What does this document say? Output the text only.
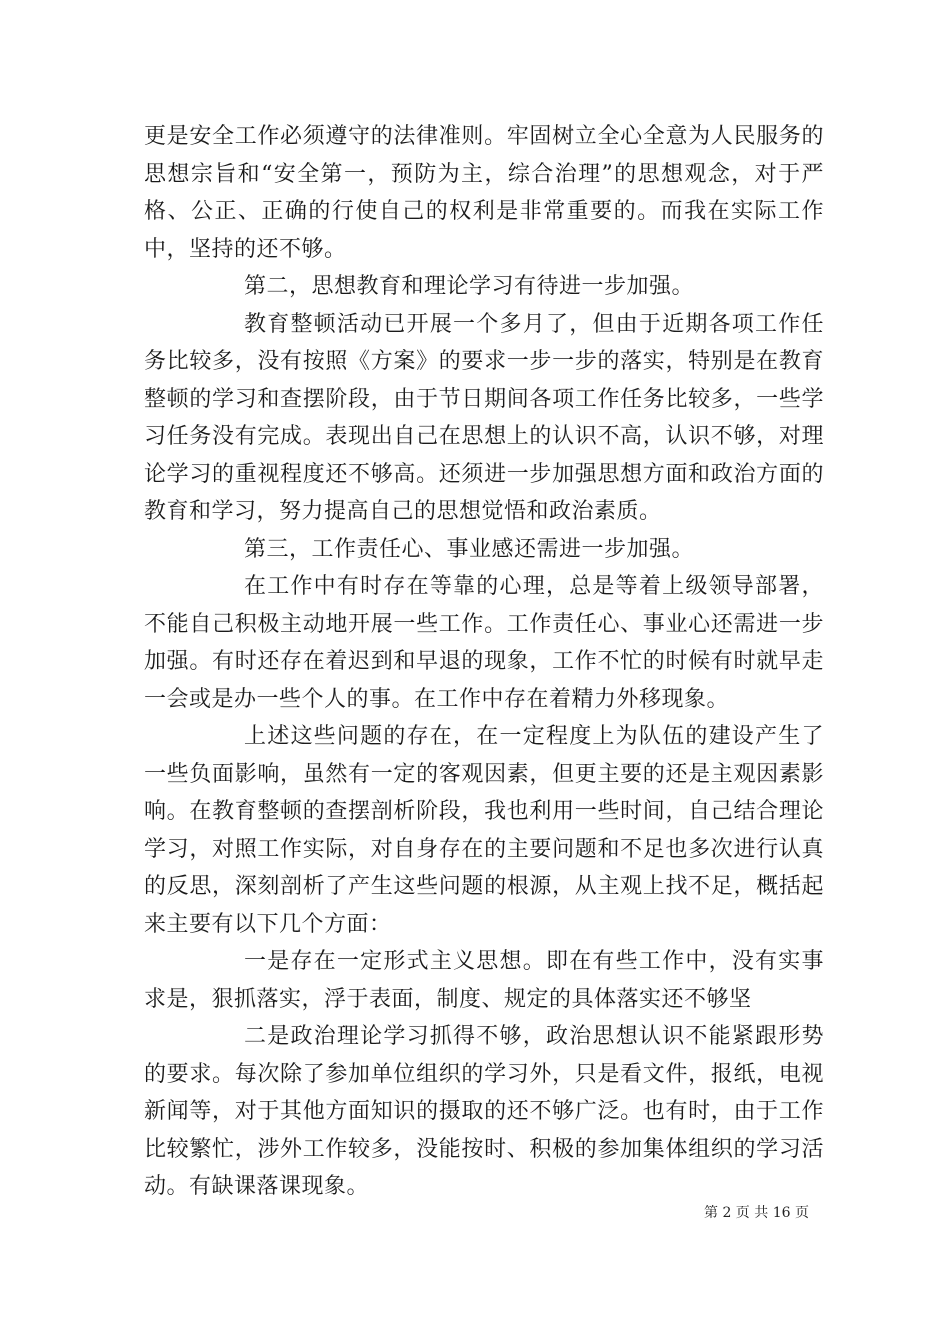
更是安全工作必须遵守的法律准则。牢固树立全心全意为人民服务的思想宗旨和“安全第一，预防为主，综合治理”的思想观念，对于严格、公正、正确的行使自己的权利是非常重要的。而我在实际工作中，坚持的还不够。

第二，思想教育和理论学习有待进一步加强。

教育整顿活动已开展一个多月了，但由于近期各项工作任务比较多，没有按照《方案》的要求一步一步的落实，特别是在教育整顿的学习和查摆阶段，由于节日期间各项工作任务比较多，一些学习任务没有完成。表现出自己在思想上的认识不高，认识不够，对理论学习的重视程度还不够高。还须进一步加强思想方面和政治方面的教育和学习，努力提高自己的思想觉悟和政治素质。

第三，工作责任心、事业感还需进一步加强。

在工作中有时存在等靠的心理，总是等着上级领导部署，不能自己积极主动地开展一些工作。工作责任心、事业心还需进一步加强。有时还存在着迟到和早退的现象，工作不忙的时候有时就早走一会或是办一些个人的事。在工作中存在着精力外移现象。

上述这些问题的存在，在一定程度上为队伍的建设产生了一些负面影响，虽然有一定的客观因素，但更主要的还是主观因素影响。在教育整顿的查摆剖析阶段，我也利用一些时间，自己结合理论学习，对照工作实际，对自身存在的主要问题和不足也多次进行认真的反思，深刻剖析了产生这些问题的根源，从主观上找不足，概括起来主要有以下几个方面：

一是存在一定形式主义思想。即在有些工作中，没有实事求是，狠抓落实，浮于表面，制度、规定的具体落实还不够坚

二是政治理论学习抓得不够，政治思想认识不能紧跟形势的要求。每次除了参加单位组织的学习外，只是看文件，报纸，电视新闻等，对于其他方面知识的摄取的还不够广泛。也有时，由于工作比较繁忙，涉外工作较多，没能按时、积极的参加集体组织的学习活动。有缺课落课现象。

第 2 页 共 16 页
